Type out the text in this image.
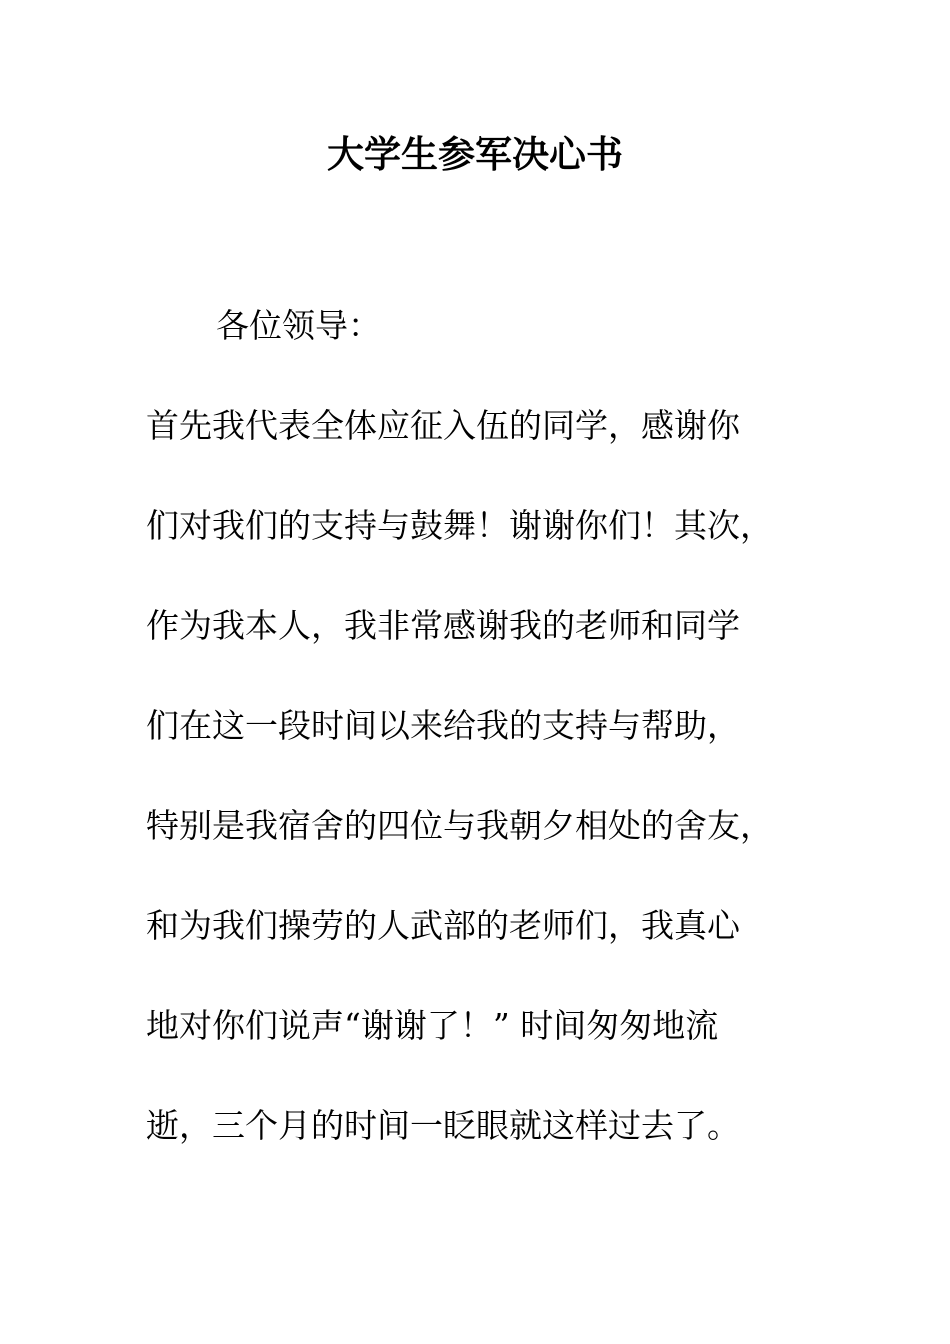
大学生参军决心书
各位领导：
首先我代表全体应征入伍的同学，感谢你
们对我们的支持与鼓舞！谢谢你们！其次，
作为我本人，我非常感谢我的老师和同学
们在这一段时间以来给我的支持与帮助，
特别是我宿舍的四位与我朝夕相处的舍友，
和为我们操劳的人武部的老师们，我真心
地对你们说声“谢谢了！” 时间匆匆地流
逝，三个月的时间一眨眼就这样过去了。
